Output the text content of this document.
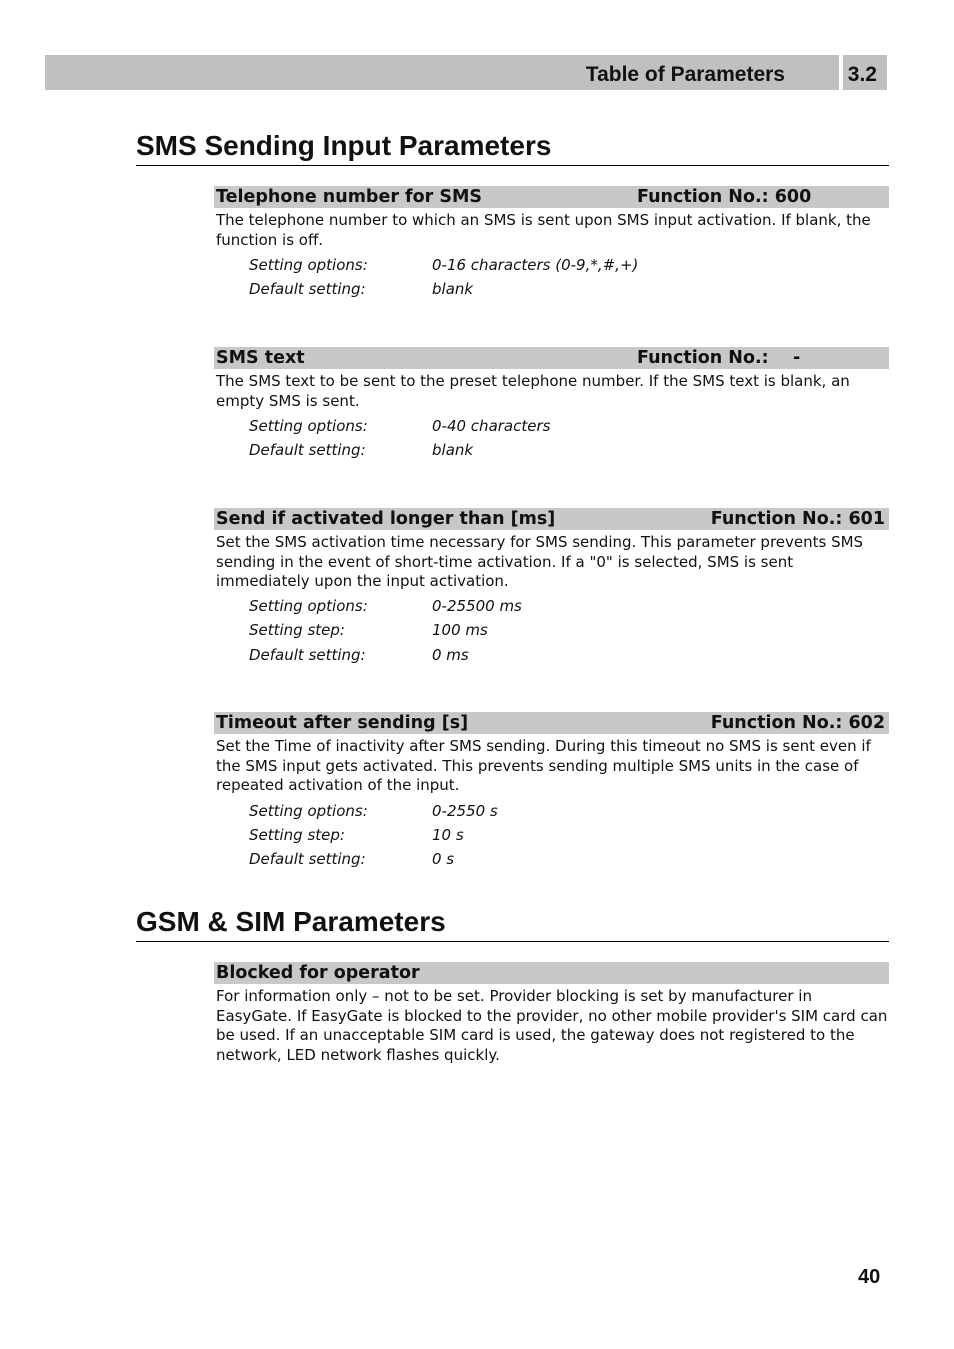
Table of Parameters	3.2
SMS Sending Input Parameters
Telephone number for SMS	Function No.: 600
The telephone number to which an SMS is sent upon SMS input activation. If blank, the function is off.
Setting options:	0-16 characters (0-9,*,#,+)
Default setting:	blank
SMS text	Function No.:    -
The SMS text to be sent to the preset telephone number. If the SMS text is blank, an empty SMS is sent.
Setting options:	0-40 characters
Default setting:	blank
Send if activated longer than [ms]	Function No.: 601
Set the SMS activation time necessary for SMS sending. This parameter prevents SMS sending in the event of short-time activation. If a "0" is selected, SMS is sent immediately upon the input activation.
Setting options:	0-25500 ms
Setting step:	100 ms
Default setting:	0 ms
Timeout after sending [s]	Function No.: 602
Set the Time of inactivity after SMS sending. During this timeout no SMS is sent even if the SMS input gets activated. This prevents sending multiple SMS units in the case of repeated activation of the input.
Setting options:	0-2550 s
Setting step:	10 s
Default setting:	0 s
GSM & SIM Parameters
Blocked for operator
For information only – not to be set. Provider blocking is set by manufacturer in EasyGate. If EasyGate is blocked to the provider, no other mobile provider's SIM card can be used. If an unacceptable SIM card is used, the gateway does not registered to the network, LED network flashes quickly.
40
